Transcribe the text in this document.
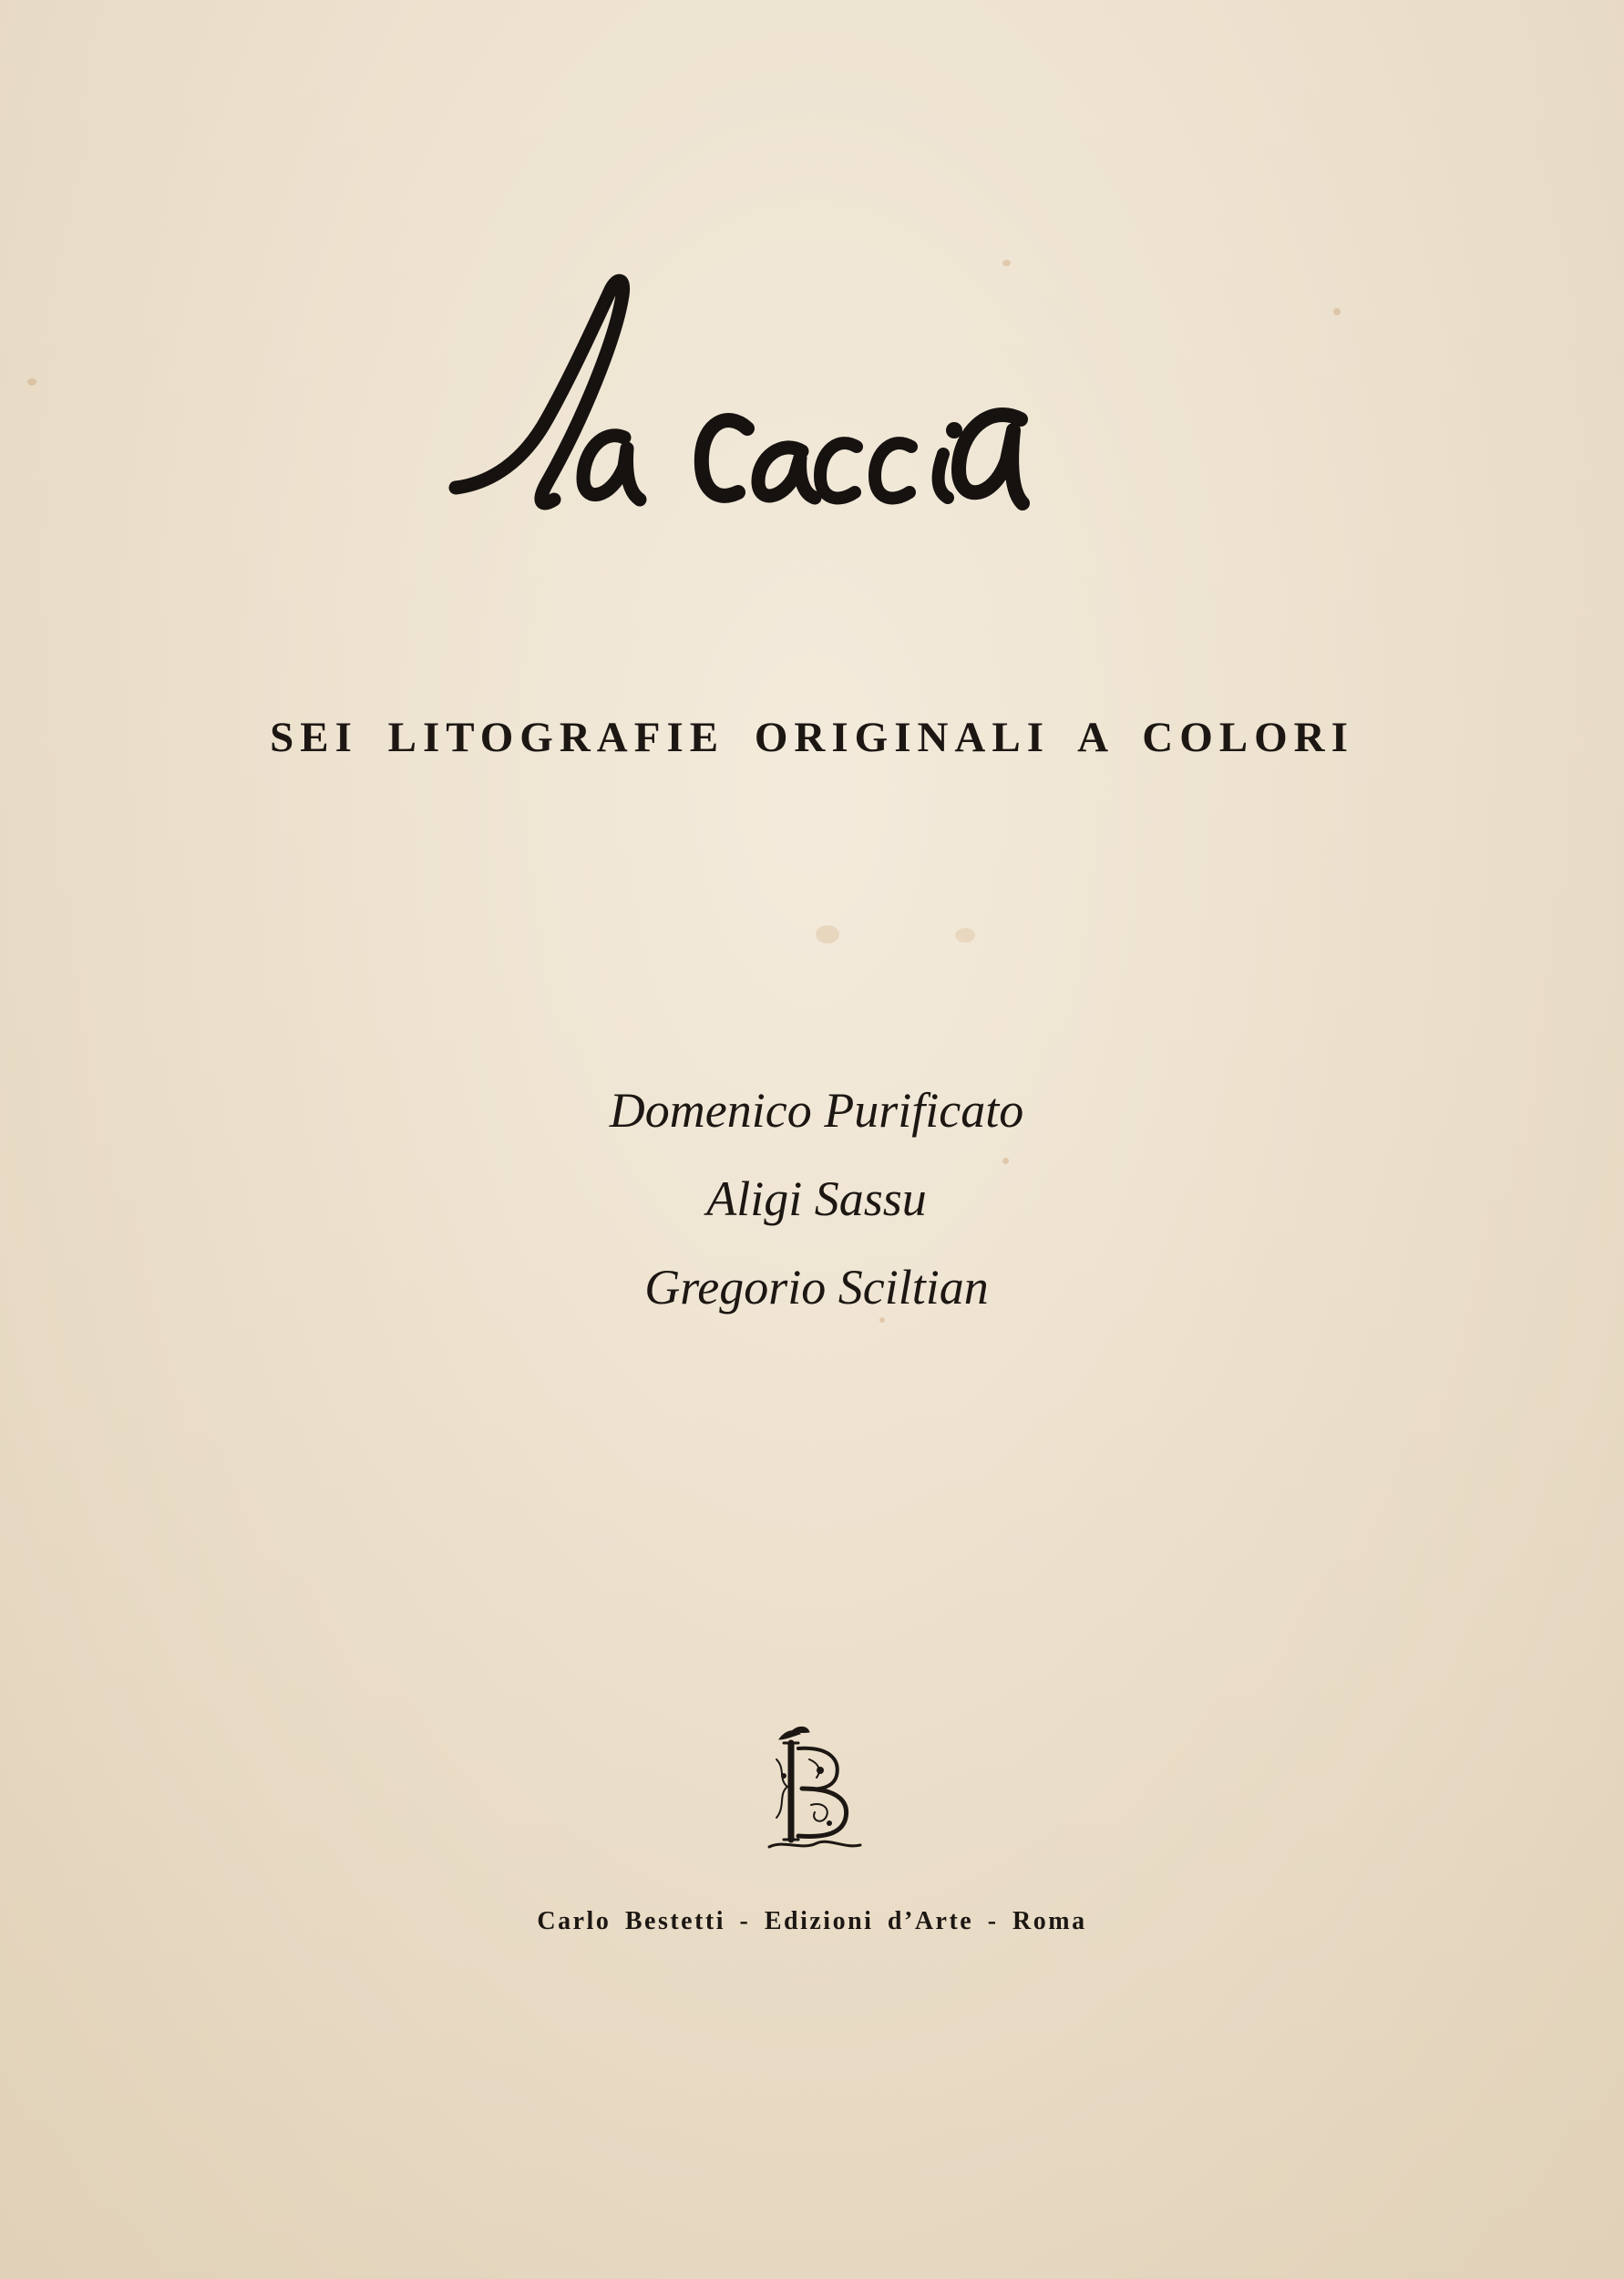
SEI LITOGRAFIE ORIGINALI A COLORI
Domenico Purificato
Aligi Sassu
Gregorio Sciltian
Carlo Bestetti - Edizioni d’Arte - Roma
